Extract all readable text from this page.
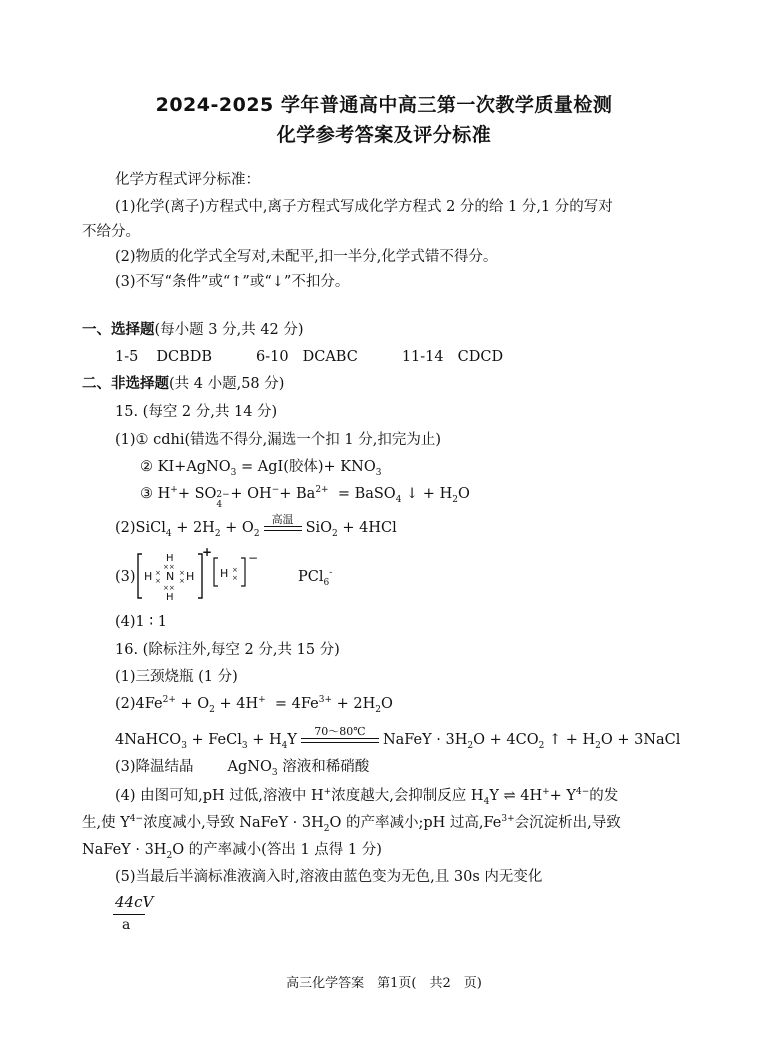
2024-2025 学年普通高中高三第一次教学质量检测
化学参考答案及评分标准
化学方程式评分标准：
(1)化学(离子)方程式中,离子方程式写成化学方程式 2 分的给 1 分,1 分的写对
不给分。
(2)物质的化学式全写对,未配平,扣一半分,化学式错不得分。
(3)不写“条件”或“↑”或“↓”不扣分。
一、选择题(每小题 3 分,共 42 分)
1-5 DCBDB	6-10 DCABC	11-14 CDCD
二、非选择题(共 4 小题,58 分)
15. (每空 2 分,共 14 分)
(1)① cdhi(错选不得分,漏选一个扣 1 分,扣完为止)
② KI+AgNO$_3$ = AgI(胶体)+ $KNO_3$
③ H++ SO 2−
4
+ $OH^-+ Ba^{2+}$ = BaSO$_4$ ↓ + $H_2O$
(2)SiCl$_4$ + $2H_2 + O_2$
高温
SiO$_2$ + 4HCl
(3) H
H
N
H
H
×
×
×
×
××
××
+
H ×
×
−
PCl$_6$-
(4)1 ∶ 1
16. (除标注外,每空 2 分,共 15 分)
(1)三颈烧瓶 (1 分)
$(2)4Fe^{2+} + O_2 + 4H^+ = 4Fe^{3+} + 2H_2O$
4NaHCO$_3$ + FeCl$_3$ + $H_4Y$
70～80℃
NaFeY · $3H_2O + 4CO_2$ ↑ + $H_2O$ + 3NaCl
(3)降温结晶 AgNO$_3$ 溶液和稀硝酸
(4) 由图可知,pH 过低,溶液中 H+浓度越大,会抑制反应 $H_4Y$ ⇌ $4H^++ Y^{4-}$的发
生,使 $Y^{4-}$浓度减小,导致 NaFeY · $3H_2O$ 的产率减小;pH 过高$,Fe^{3+}$会沉淀析出,导致
NaFeY · $3H_2O$ 的产率减小(答出 1 点得 1 分)
(5)当最后半滴标准液滴入时,溶液由蓝色变为无色,且 30s 内无变化
44cV
a
高三化学答案　第1页(　共2　页)
